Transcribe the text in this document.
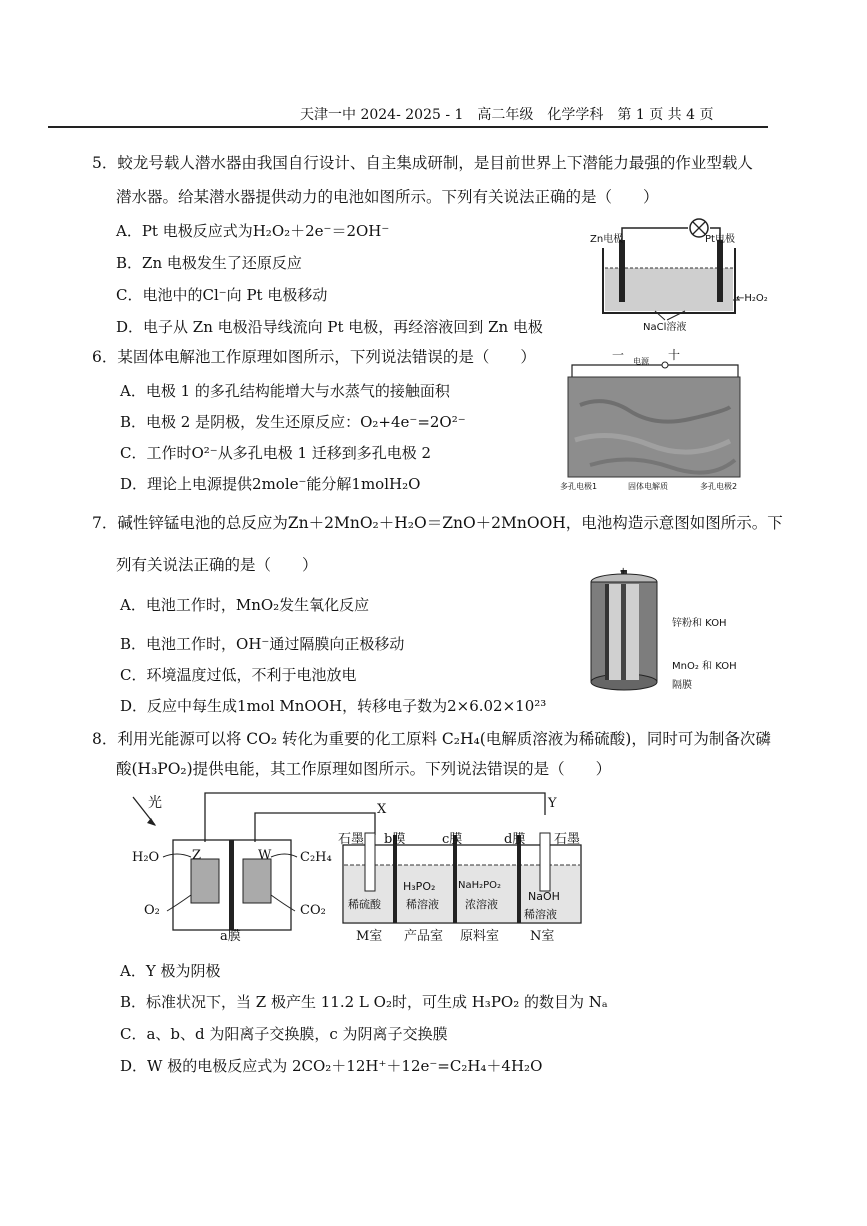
天津一中 2024- 2025 - 1　高二年级　化学学科　第 1 页 共 4 页
5．蛟龙号载人潜水器由我国自行设计、自主集成研制，是目前世界上下潜能力最强的作业型载人
潜水器。给某潜水器提供动力的电池如图所示。下列有关说法正确的是（　　）
A．Pt 电极反应式为H₂O₂＋2e⁻＝2OH⁻
B．Zn 电极发生了还原反应
C．电池中的Cl⁻向 Pt 电极移动
D．电子从 Zn 电极沿导线流向 Pt 电极，再经溶液回到 Zn 电极
Zn电极	Pt电极
←H₂O₂
NaCl溶液
6．某固体电解池工作原理如图所示，下列说法错误的是（　　）
A．电极 1 的多孔结构能增大与水蒸气的接触面积
B．电极 2 是阴极，发生还原反应：O₂+4e⁻=2O²⁻
C．工作时O²⁻从多孔电极 1 迁移到多孔电极 2
D．理论上电源提供2mole⁻能分解1molH₂O
一	十
电源
多孔电极1	固体电解质	多孔电极2
7．碱性锌锰电池的总反应为Zn＋2MnO₂＋H₂O＝ZnO＋2MnOOH，电池构造示意图如图所示。下
列有关说法正确的是（　　）
A．电池工作时，MnO₂发生氧化反应
B．电池工作时，OH⁻通过隔膜向正极移动
C．环境温度过低，不利于电池放电
D．反应中每生成1mol MnOOH，转移电子数为2×6.02×10²³
+
锌粉和 KOH
MnO₂ 和 KOH
隔膜
8．利用光能源可以将 CO₂ 转化为重要的化工原料 C₂H₄(电解质溶液为稀硫酸)，同时可为制备次磷
酸(H₃PO₂)提供电能，其工作原理如图所示。下列说法错误的是（　　）
光
H₂O
O₂
Z	W C₂H₄
CO₂
a膜
X	Y
石墨 b膜	c膜	d膜 石墨
稀硫酸
H₃PO₂
稀溶液
NaH₂PO₂
浓溶液
NaOH
稀溶液
M室 产品室 原料室 N室
A．Y 极为阴极
B．标准状况下，当 Z 极产生 11.2 L O₂时，可生成 H₃PO₂ 的数目为 Nₐ
C．a、b、d 为阳离子交换膜，c 为阴离子交换膜
D．W 极的电极反应式为 2CO₂＋12H⁺＋12e⁻=C₂H₄＋4H₂O
